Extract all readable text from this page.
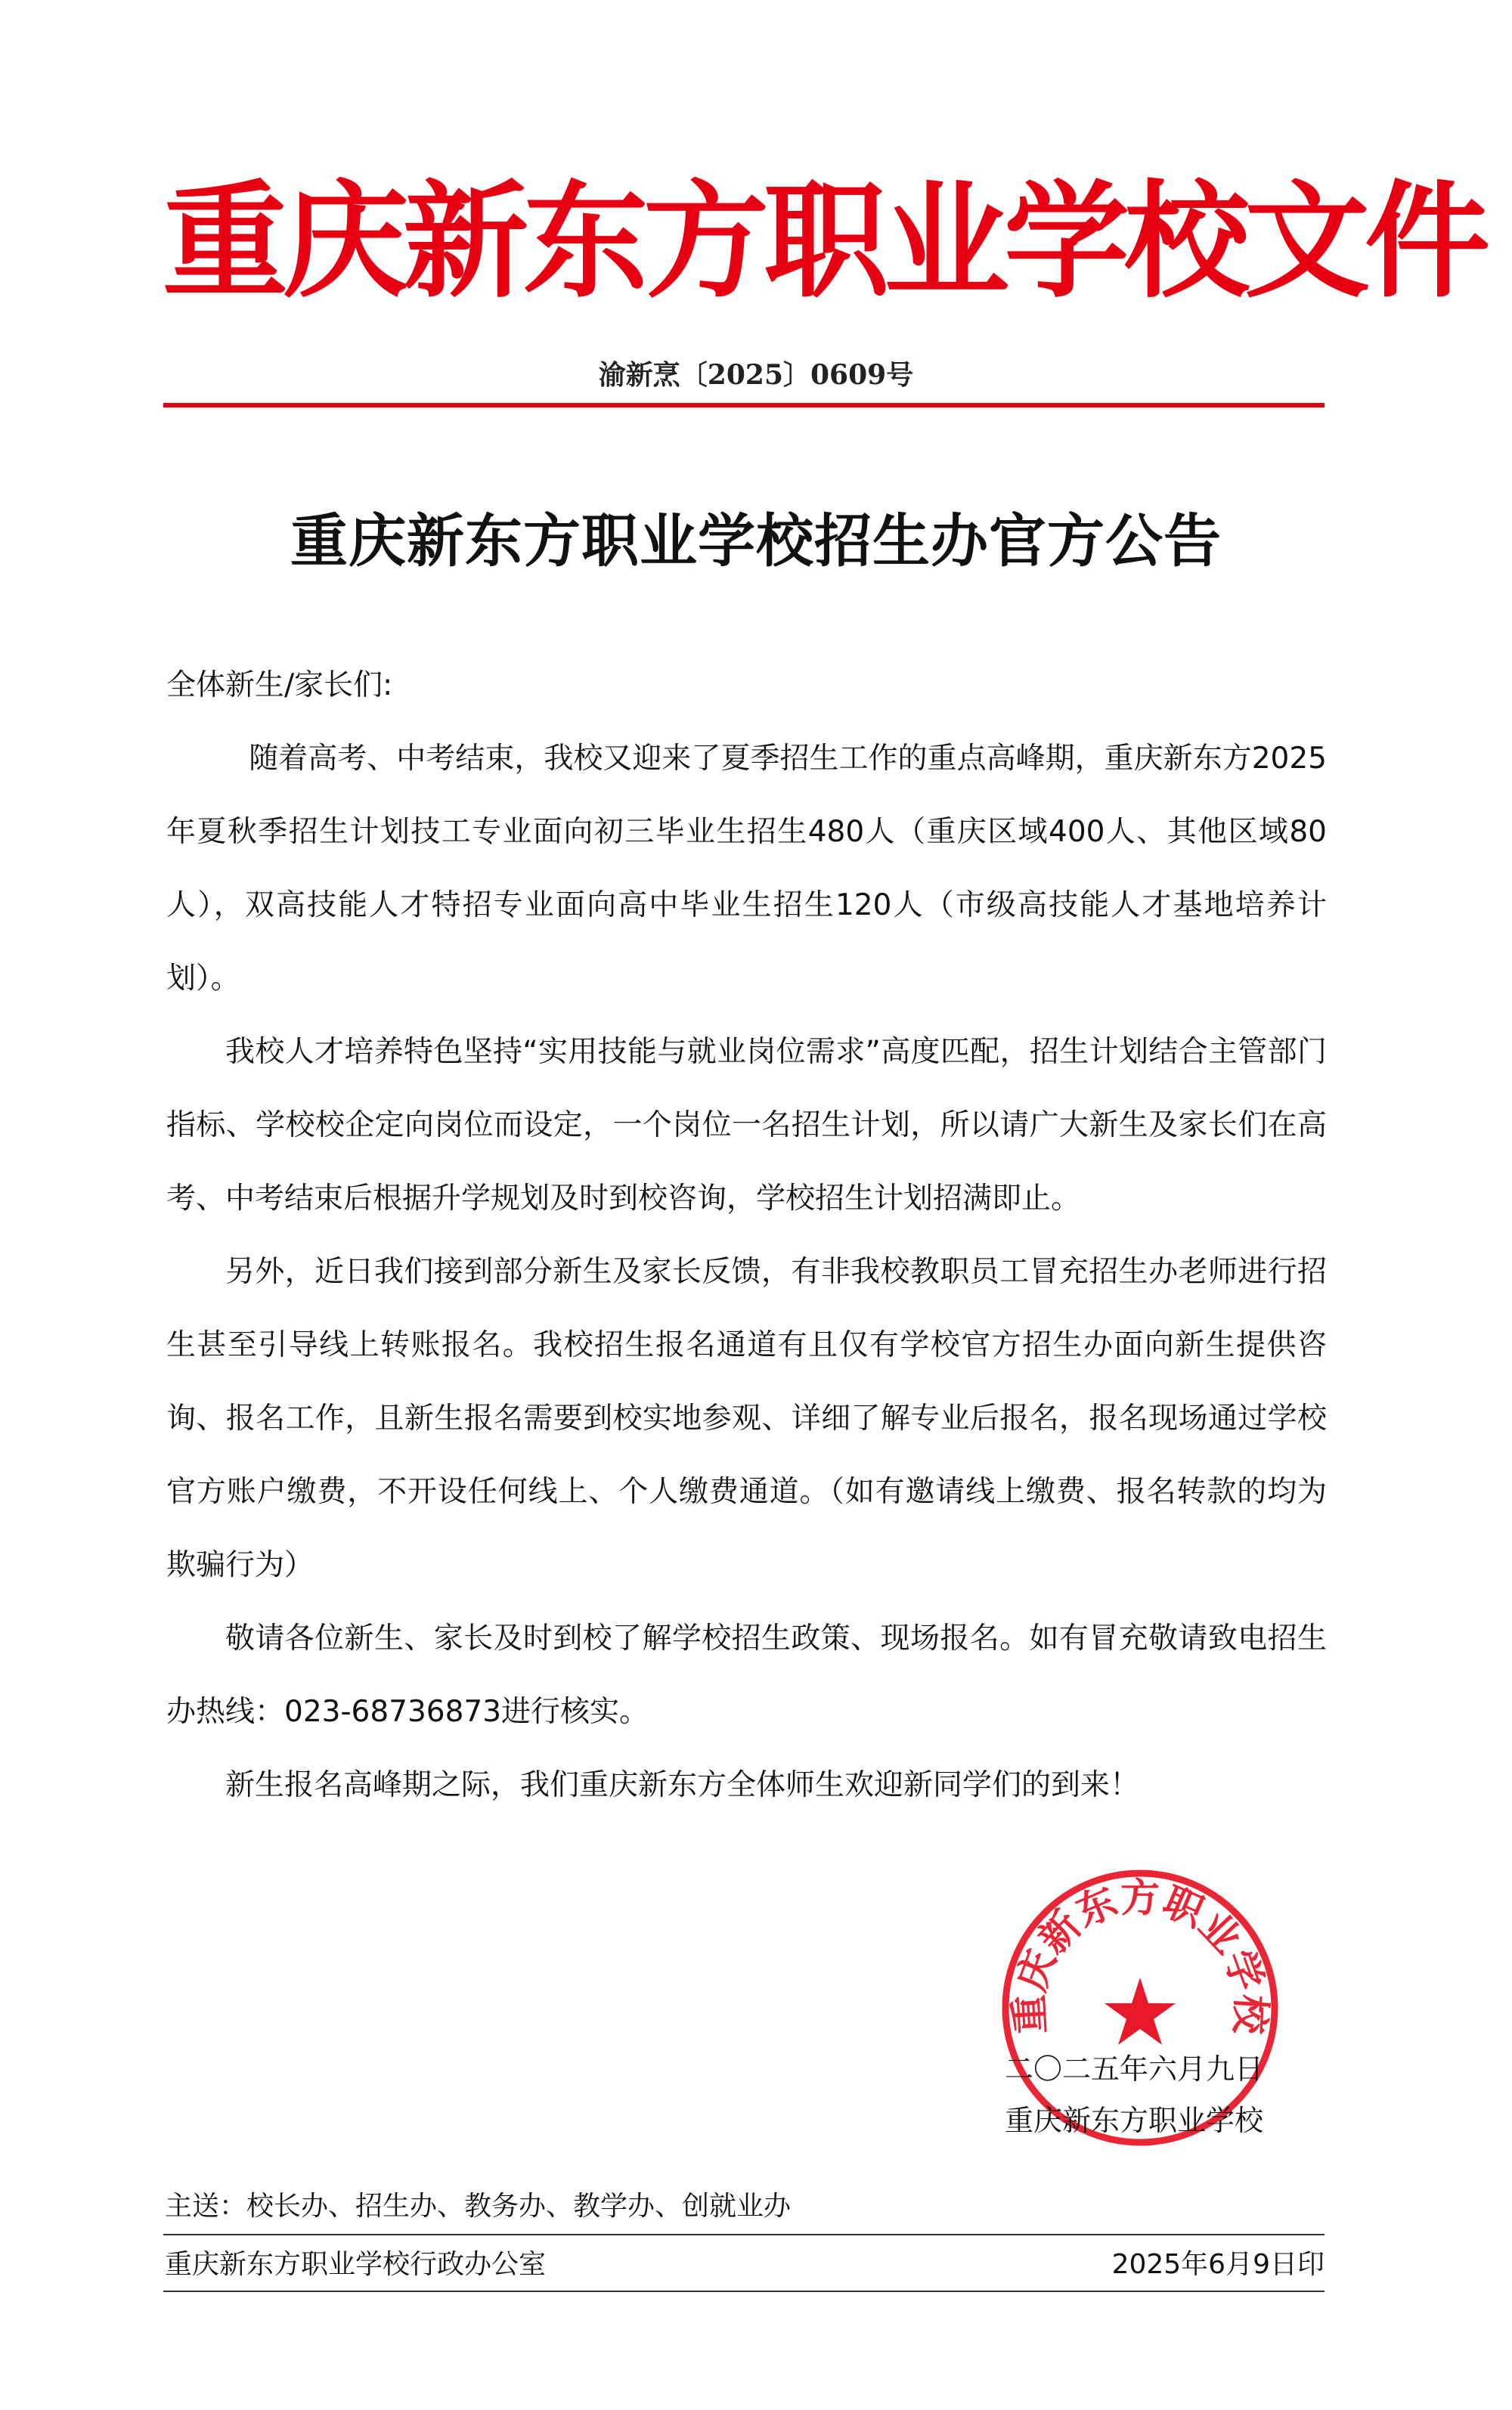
重庆新东方职业学校文件
渝新烹〔2025〕0609号
重庆新东方职业学校招生办官方公告

全体新生/家长们:

随着高考、中考结束，我校又迎来了夏季招生工作的重点高峰期，重庆新东方2025年夏秋季招生计划技工专业面向初三毕业生招生480人（重庆区域400人、其他区域80人），双高技能人才特招专业面向高中毕业生招生120人（市级高技能人才基地培养计划）。

我校人才培养特色坚持“实用技能与就业岗位需求”高度匹配，招生计划结合主管部门指标、学校校企定向岗位而设定，一个岗位一名招生计划，所以请广大新生及家长们在高考、中考结束后根据升学规划及时到校咨询，学校招生计划招满即止。

另外，近日我们接到部分新生及家长反馈，有非我校教职员工冒充招生办老师进行招生甚至引导线上转账报名。我校招生报名通道有且仅有学校官方招生办面向新生提供咨询、报名工作，且新生报名需要到校实地参观、详细了解专业后报名，报名现场通过学校官方账户缴费，不开设任何线上、个人缴费通道。（如有邀请线上缴费、报名转款的均为欺骗行为）

敬请各位新生、家长及时到校了解学校招生政策、现场报名。如有冒充敬请致电招生办热线：023-68736873进行核实。

新生报名高峰期之际，我们重庆新东方全体师生欢迎新同学们的到来！

重庆新东方职业学校
二〇二五年六月九日
重庆新东方职业学校
主送：校长办、招生办、教务办、教学办、创就业办
重庆新东方职业学校行政办公室	2025年6月9日印
